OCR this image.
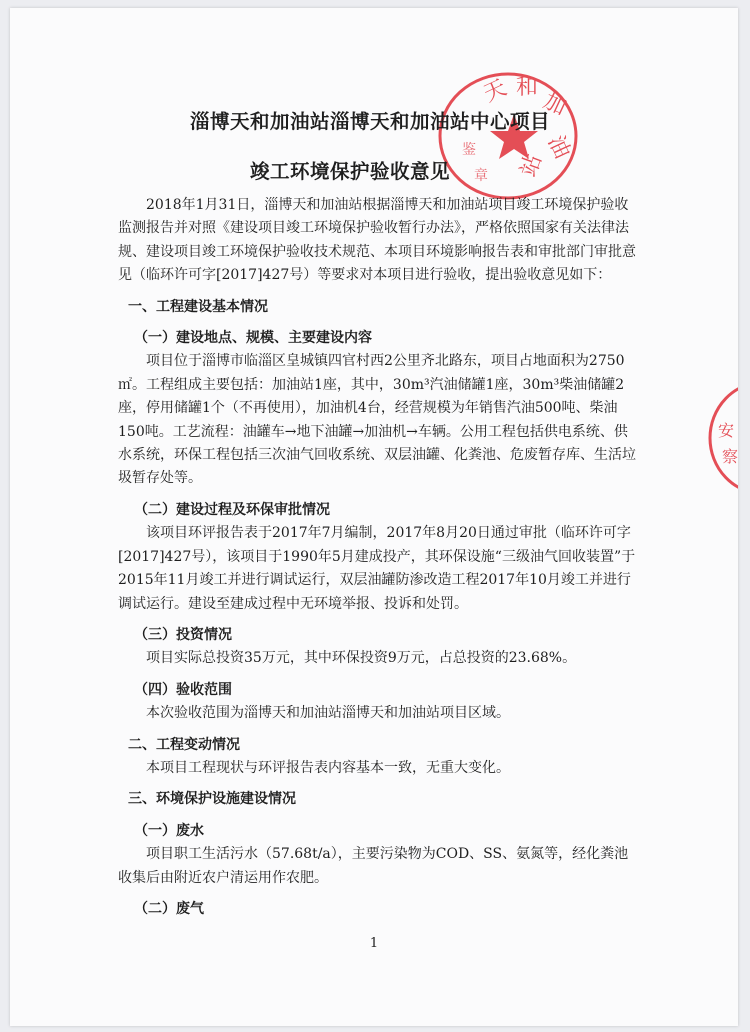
天 和
加
油
站
鉴
章
安
察
淄博天和加油站淄博天和加油站中心项目
竣工环境保护验收意见

2018年1月31日，淄博天和加油站根据淄博天和加油站项目竣工环境保护验收监测报告并对照《建设项目竣工环境保护验收暂行办法》，严格依照国家有关法律法规、建设项目竣工环境保护验收技术规范、本项目环境影响报告表和审批部门审批意见（临环许可字[2017]427号）等要求对本项目进行验收，提出验收意见如下：

一、工程建设基本情况

（一）建设地点、规模、主要建设内容

项目位于淄博市临淄区皇城镇四官村西2公里齐北路东，项目占地面积为2750㎡。工程组成主要包括：加油站1座，其中，30m³汽油储罐1座，30m³柴油储罐2座，停用储罐1个（不再使用），加油机4台，经营规模为年销售汽油500吨、柴油150吨。工艺流程：油罐车→地下油罐→加油机→车辆。公用工程包括供电系统、供水系统，环保工程包括三次油气回收系统、双层油罐、化粪池、危废暂存库、生活垃圾暂存处等。

（二）建设过程及环保审批情况

该项目环评报告表于2017年7月编制，2017年8月20日通过审批（临环许可字[2017]427号），该项目于1990年5月建成投产，其环保设施“三级油气回收装置”于2015年11月竣工并进行调试运行，双层油罐防渗改造工程2017年10月竣工并进行调试运行。建设至建成过程中无环境举报、投诉和处罚。

（三）投资情况

项目实际总投资35万元，其中环保投资9万元，占总投资的23.68%。

（四）验收范围

本次验收范围为淄博天和加油站淄博天和加油站项目区域。

二、工程变动情况

本项目工程现状与环评报告表内容基本一致，无重大变化。

三、环境保护设施建设情况

（一）废水

项目职工生活污水（57.68t/a），主要污染物为COD、SS、氨氮等，经化粪池收集后由附近农户清运用作农肥。

（二）废气

1
